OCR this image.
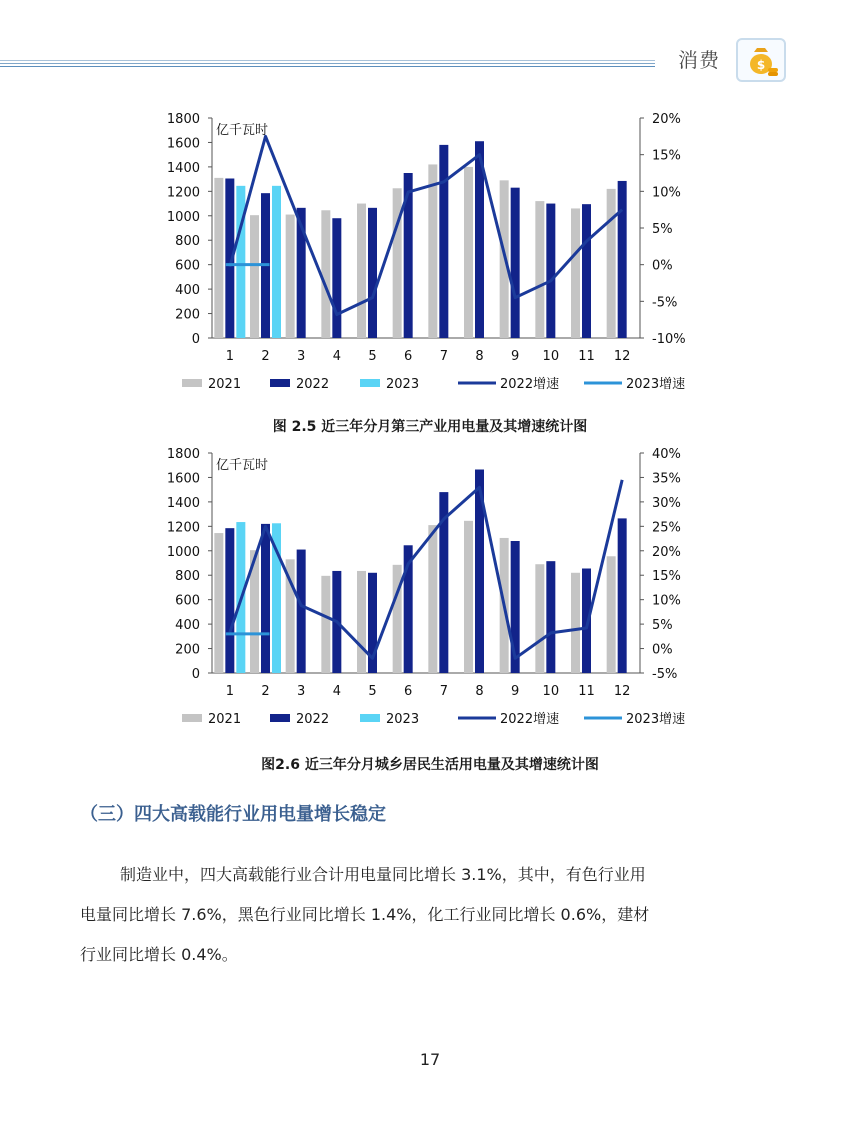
消费	$
0
200
400
600
800
1000
1200
1400
1600
1800
-10%
-5%
0%
5%
10%
15%
20%
亿千瓦时
1 2 3 4 5 6 7 8 9 10 11 12
2021	2022	2023	2022增速	2023增速
图 2.5 近三年分月第三产业用电量及其增速统计图
0
200
400
600
800
1000
1200
1400
1600
1800
-5%
0%
5%
10%
15%
20%
25%
30%
35%
40%
亿千瓦时
1 2 3 4 5 6 7 8 9 10 11 12
2021	2022	2023	2022增速	2023增速
图2.6 近三年分月城乡居民生活用电量及其增速统计图
（三）四大高载能行业用电量增长稳定
制造业中，四大高载能行业合计用电量同比增长 3.1%，其中，有色行业用
电量同比增长 7.6%，黑色行业同比增长 1.4%，化工行业同比增长 0.6%，建材
行业同比增长 0.4%。
17
